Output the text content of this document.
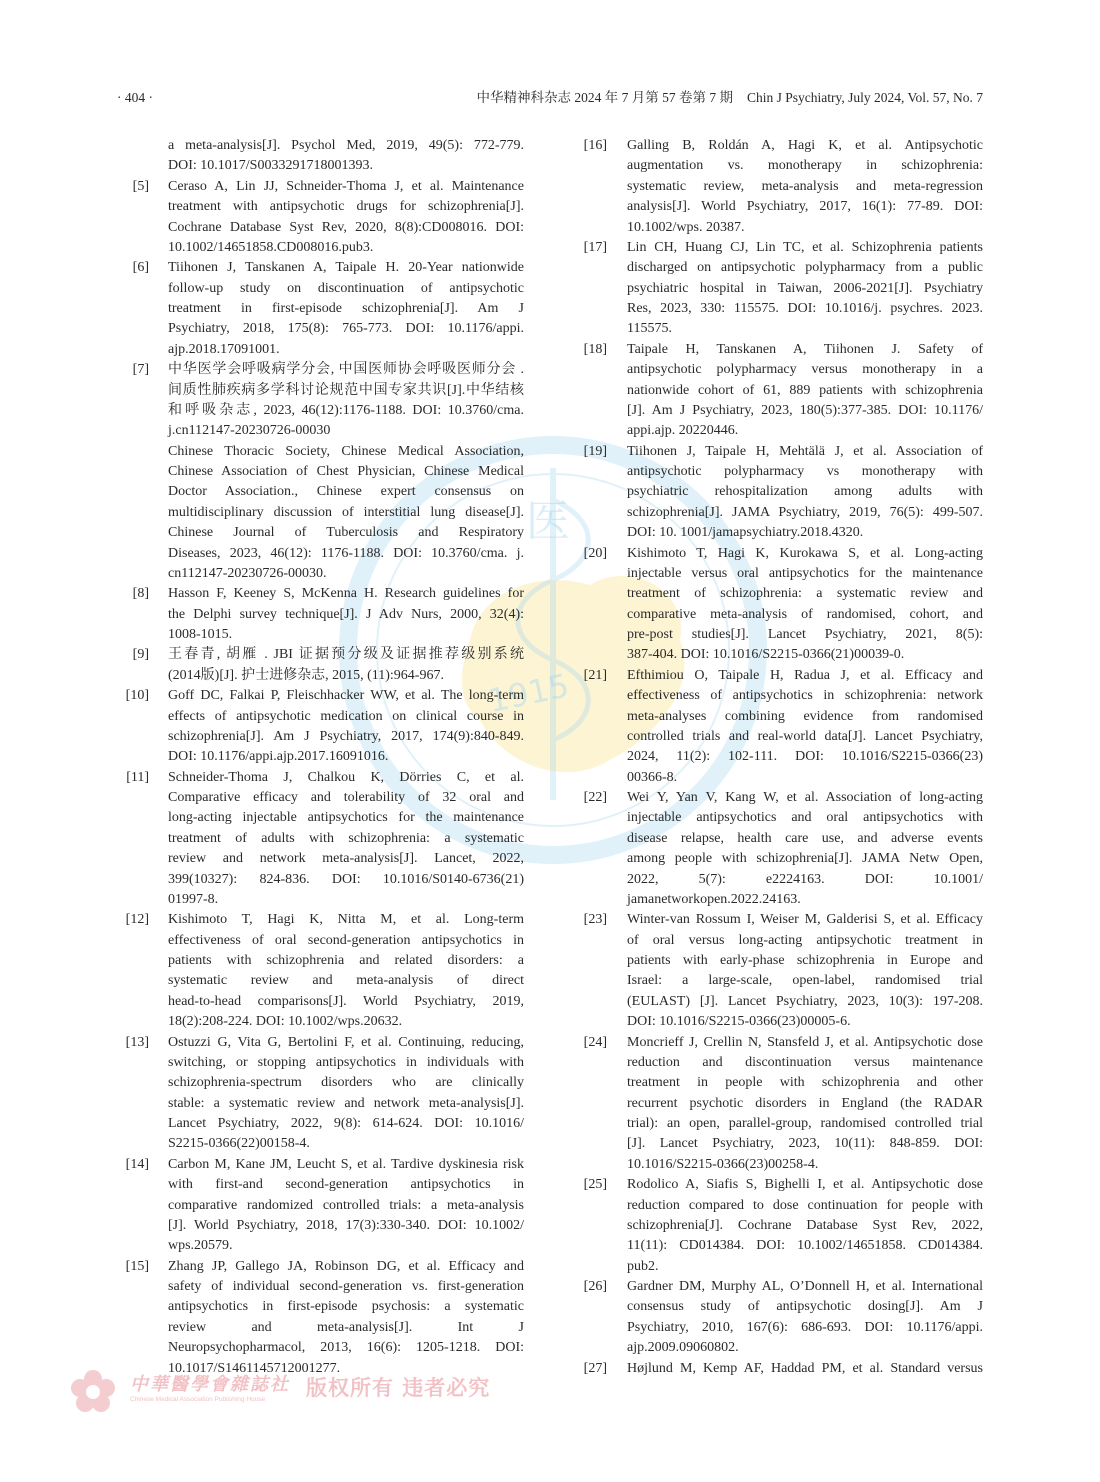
医
1915
· 404 ·	中华精神科杂志 2024 年 7 月第 57 卷第 7 期 Chin J Psychiatry, July 2024, Vol. 57, No. 7
a meta-analysis[J]. Psychol Med, 2019, 49(5): 772-779.
DOI: 10.1017/S0033291718001393.
[5] Ceraso A, Lin JJ, Schneider-Thoma J, et al. Maintenance
treatment with antipsychotic drugs for schizophrenia[J].
Cochrane Database Syst Rev, 2020, 8(8):CD008016. DOI:
10.1002/14651858.CD008016.pub3.
[6] Tiihonen J, Tanskanen A, Taipale H. 20-Year nationwide
follow-up study on discontinuation of antipsychotic
treatment in first-episode schizophrenia[J]. Am J
Psychiatry, 2018, 175(8): 765-773. DOI: 10.1176/appi.
ajp.2018.17091001.
[7] 中华医学会呼吸病学分会, 中国医师协会呼吸医师分会 .
间质性肺疾病多学科讨论规范中国专家共识[J].中华结核
和呼吸杂志, 2023, 46(12):1176-1188. DOI: 10.3760/cma.
j.cn112147-20230726-00030
Chinese Thoracic Society, Chinese Medical Association,
Chinese Association of Chest Physician, Chinese Medical
Doctor Association., Chinese expert consensus on
multidisciplinary discussion of interstitial lung disease[J].
Chinese Journal of Tuberculosis and Respiratory
Diseases, 2023, 46(12): 1176-1188. DOI: 10.3760/cma. j.
cn112147-20230726-00030.
[8] Hasson F, Keeney S, McKenna H. Research guidelines for
the Delphi survey technique[J]. J Adv Nurs, 2000, 32(4):
1008-1015.
[9] 王春青, 胡雁 . JBI 证据预分级及证据推荐级别系统
(2014版)[J]. 护士进修杂志, 2015, (11):964-967.
[10] Goff DC, Falkai P, Fleischhacker WW, et al. The long-term
effects of antipsychotic medication on clinical course in
schizophrenia[J]. Am J Psychiatry, 2017, 174(9):840-849.
DOI: 10.1176/appi.ajp.2017.16091016.
[11] Schneider-Thoma J, Chalkou K, Dörries C, et al.
Comparative efficacy and tolerability of 32 oral and
long-acting injectable antipsychotics for the maintenance
treatment of adults with schizophrenia: a systematic
review and network meta-analysis[J]. Lancet, 2022,
399(10327): 824-836. DOI: 10.1016/S0140-6736(21)
01997-8.
[12] Kishimoto T, Hagi K, Nitta M, et al. Long-term
effectiveness of oral second-generation antipsychotics in
patients with schizophrenia and related disorders: a
systematic review and meta-analysis of direct
head-to-head comparisons[J]. World Psychiatry, 2019,
18(2):208-224. DOI: 10.1002/wps.20632.
[13] Ostuzzi G, Vita G, Bertolini F, et al. Continuing, reducing,
switching, or stopping antipsychotics in individuals with
schizophrenia-spectrum disorders who are clinically
stable: a systematic review and network meta-analysis[J].
Lancet Psychiatry, 2022, 9(8): 614-624. DOI: 10.1016/
S2215-0366(22)00158-4.
[14] Carbon M, Kane JM, Leucht S, et al. Tardive dyskinesia risk
with first-and second-generation antipsychotics in
comparative randomized controlled trials: a meta-analysis
[J]. World Psychiatry, 2018, 17(3):330-340. DOI: 10.1002/
wps.20579.
[15] Zhang JP, Gallego JA, Robinson DG, et al. Efficacy and
safety of individual second-generation vs. first-generation
antipsychotics in first-episode psychosis: a systematic
review and meta-analysis[J]. Int J
Neuropsychopharmacol, 2013, 16(6): 1205-1218. DOI:
10.1017/S1461145712001277.
[16] Galling B, Roldán A, Hagi K, et al. Antipsychotic
augmentation vs. monotherapy in schizophrenia:
systematic review, meta-analysis and meta-regression
analysis[J]. World Psychiatry, 2017, 16(1): 77-89. DOI:
10.1002/wps. 20387.
[17] Lin CH, Huang CJ, Lin TC, et al. Schizophrenia patients
discharged on antipsychotic polypharmacy from a public
psychiatric hospital in Taiwan, 2006-2021[J]. Psychiatry
Res, 2023, 330: 115575. DOI: 10.1016/j. psychres. 2023.
115575.
[18] Taipale H, Tanskanen A, Tiihonen J. Safety of
antipsychotic polypharmacy versus monotherapy in a
nationwide cohort of 61, 889 patients with schizophrenia
[J]. Am J Psychiatry, 2023, 180(5):377-385. DOI: 10.1176/
appi.ajp. 20220446.
[19] Tiihonen J, Taipale H, Mehtälä J, et al. Association of
antipsychotic polypharmacy vs monotherapy with
psychiatric rehospitalization among adults with
schizophrenia[J]. JAMA Psychiatry, 2019, 76(5): 499-507.
DOI: 10. 1001/jamapsychiatry.2018.4320.
[20] Kishimoto T, Hagi K, Kurokawa S, et al. Long-acting
injectable versus oral antipsychotics for the maintenance
treatment of schizophrenia: a systematic review and
comparative meta-analysis of randomised, cohort, and
pre-post studies[J]. Lancet Psychiatry, 2021, 8(5):
387-404. DOI: 10.1016/S2215-0366(21)00039-0.
[21] Efthimiou O, Taipale H, Radua J, et al. Efficacy and
effectiveness of antipsychotics in schizophrenia: network
meta-analyses combining evidence from randomised
controlled trials and real-world data[J]. Lancet Psychiatry,
2024, 11(2): 102-111. DOI: 10.1016/S2215-0366(23)
00366-8.
[22] Wei Y, Yan V, Kang W, et al. Association of long-acting
injectable antipsychotics and oral antipsychotics with
disease relapse, health care use, and adverse events
among people with schizophrenia[J]. JAMA Netw Open,
2022, 5(7): e2224163. DOI: 10.1001/
jamanetworkopen.2022.24163.
[23] Winter-van Rossum I, Weiser M, Galderisi S, et al. Efficacy
of oral versus long-acting antipsychotic treatment in
patients with early-phase schizophrenia in Europe and
Israel: a large-scale, open-label, randomised trial
(EULAST) [J]. Lancet Psychiatry, 2023, 10(3): 197-208.
DOI: 10.1016/S2215-0366(23)00005-6.
[24] Moncrieff J, Crellin N, Stansfeld J, et al. Antipsychotic dose
reduction and discontinuation versus maintenance
treatment in people with schizophrenia and other
recurrent psychotic disorders in England (the RADAR
trial): an open, parallel-group, randomised controlled trial
[J]. Lancet Psychiatry, 2023, 10(11): 848-859. DOI:
10.1016/S2215-0366(23)00258-4.
[25] Rodolico A, Siafis S, Bighelli I, et al. Antipsychotic dose
reduction compared to dose continuation for people with
schizophrenia[J]. Cochrane Database Syst Rev, 2022,
11(11): CD014384. DOI: 10.1002/14651858. CD014384.
pub2.
[26] Gardner DM, Murphy AL, O’Donnell H, et al. International
consensus study of antipsychotic dosing[J]. Am J
Psychiatry, 2010, 167(6): 686-693. DOI: 10.1176/appi.
ajp.2009.09060802.
[27] Højlund M, Kemp AF, Haddad PM, et al. Standard versus
中華醫學會雜誌社
Chinese Medical Association Publishing House 版权所有 违者必究
